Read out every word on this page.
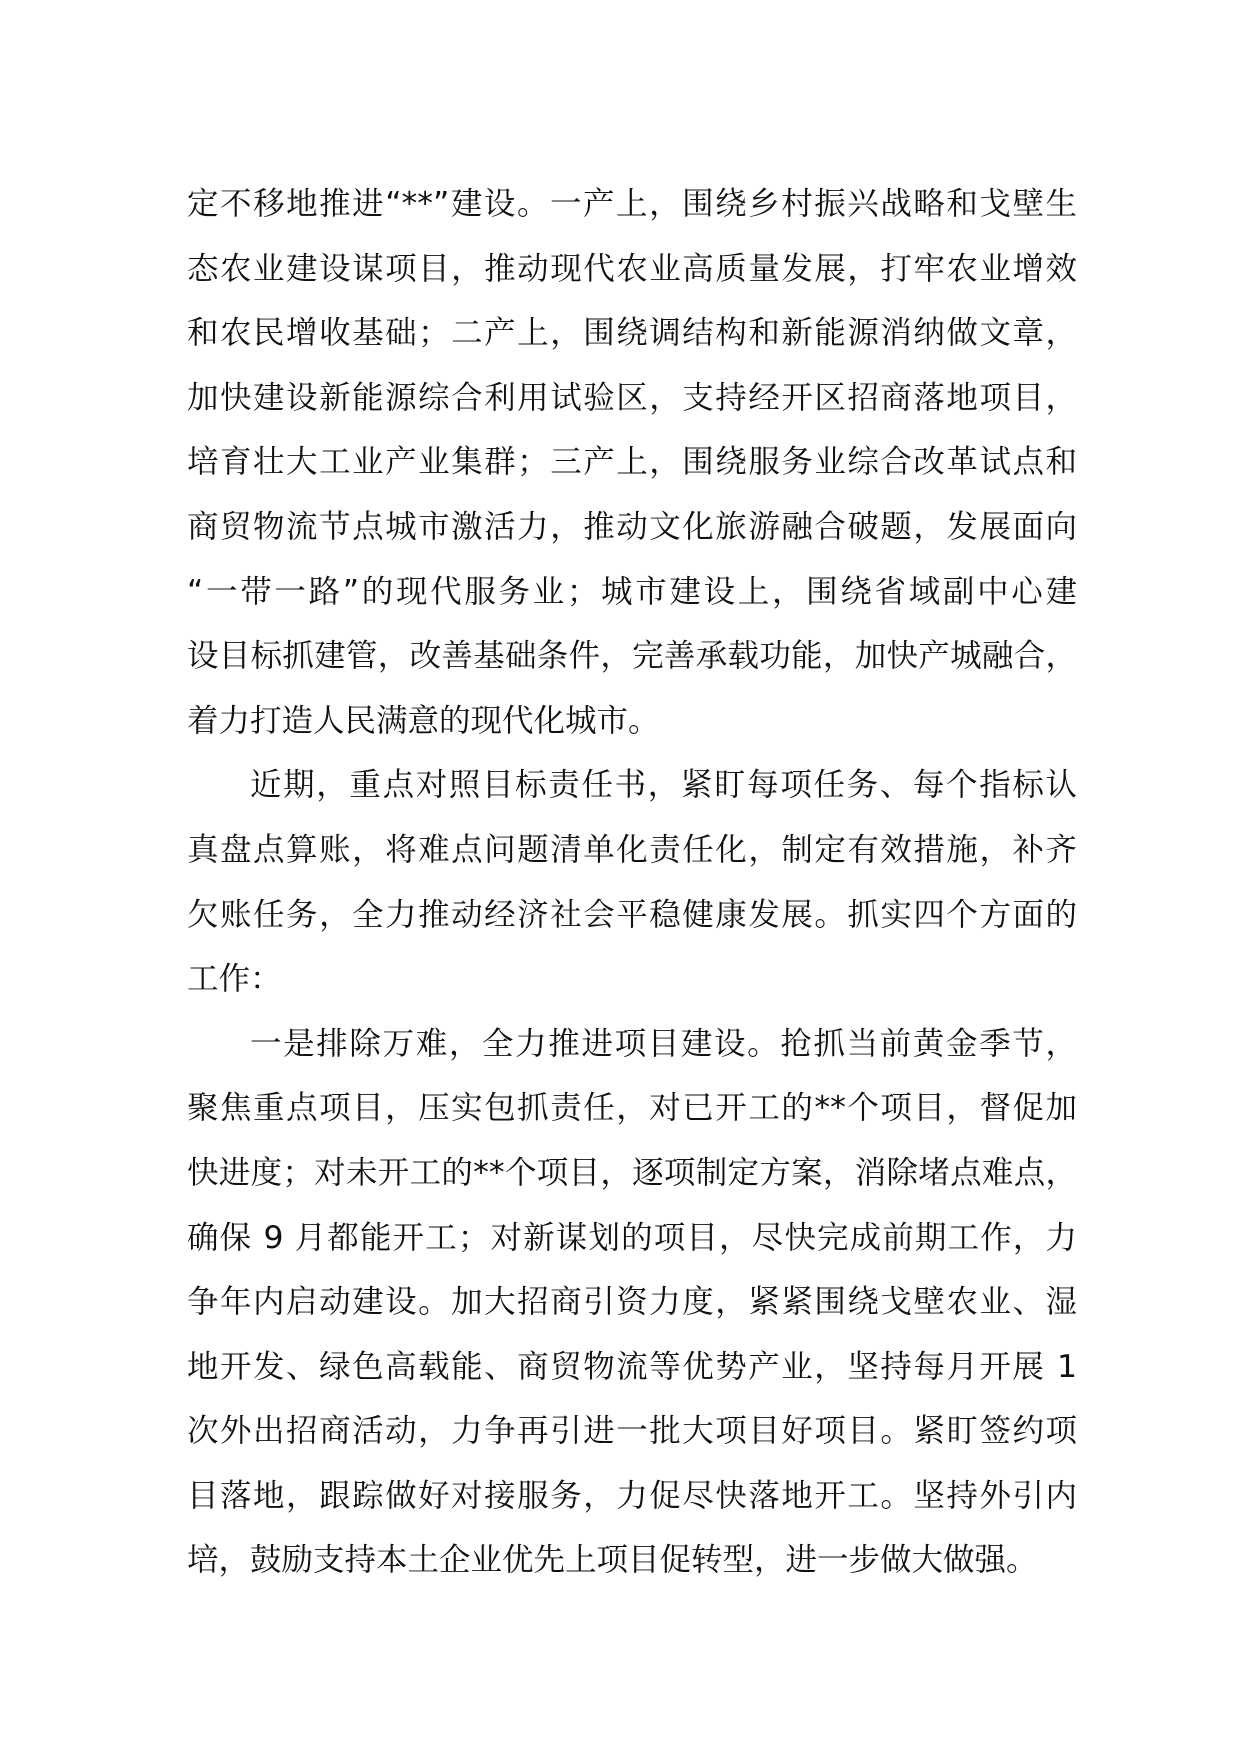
定不移地推进“**”建设。一产上，围绕乡村振兴战略和戈壁生
态农业建设谋项目，推动现代农业高质量发展，打牢农业增效
和农民增收基础；二产上，围绕调结构和新能源消纳做文章，
加快建设新能源综合利用试验区，支持经开区招商落地项目，
培育壮大工业产业集群；三产上，围绕服务业综合改革试点和
商贸物流节点城市激活力，推动文化旅游融合破题，发展面向
“一带一路”的现代服务业；城市建设上，围绕省域副中心建
设目标抓建管，改善基础条件，完善承载功能，加快产城融合，
着力打造人民满意的现代化城市。
近期，重点对照目标责任书，紧盯每项任务、每个指标认
真盘点算账，将难点问题清单化责任化，制定有效措施，补齐
欠账任务，全力推动经济社会平稳健康发展。抓实四个方面的
工作：
一是排除万难，全力推进项目建设。抢抓当前黄金季节，
聚焦重点项目，压实包抓责任，对已开工的**个项目，督促加
快进度；对未开工的**个项目，逐项制定方案，消除堵点难点，
确保 9 月都能开工；对新谋划的项目，尽快完成前期工作，力
争年内启动建设。加大招商引资力度，紧紧围绕戈壁农业、湿
地开发、绿色高载能、商贸物流等优势产业，坚持每月开展 1
次外出招商活动，力争再引进一批大项目好项目。紧盯签约项
目落地，跟踪做好对接服务，力促尽快落地开工。坚持外引内
培，鼓励支持本土企业优先上项目促转型，进一步做大做强。
